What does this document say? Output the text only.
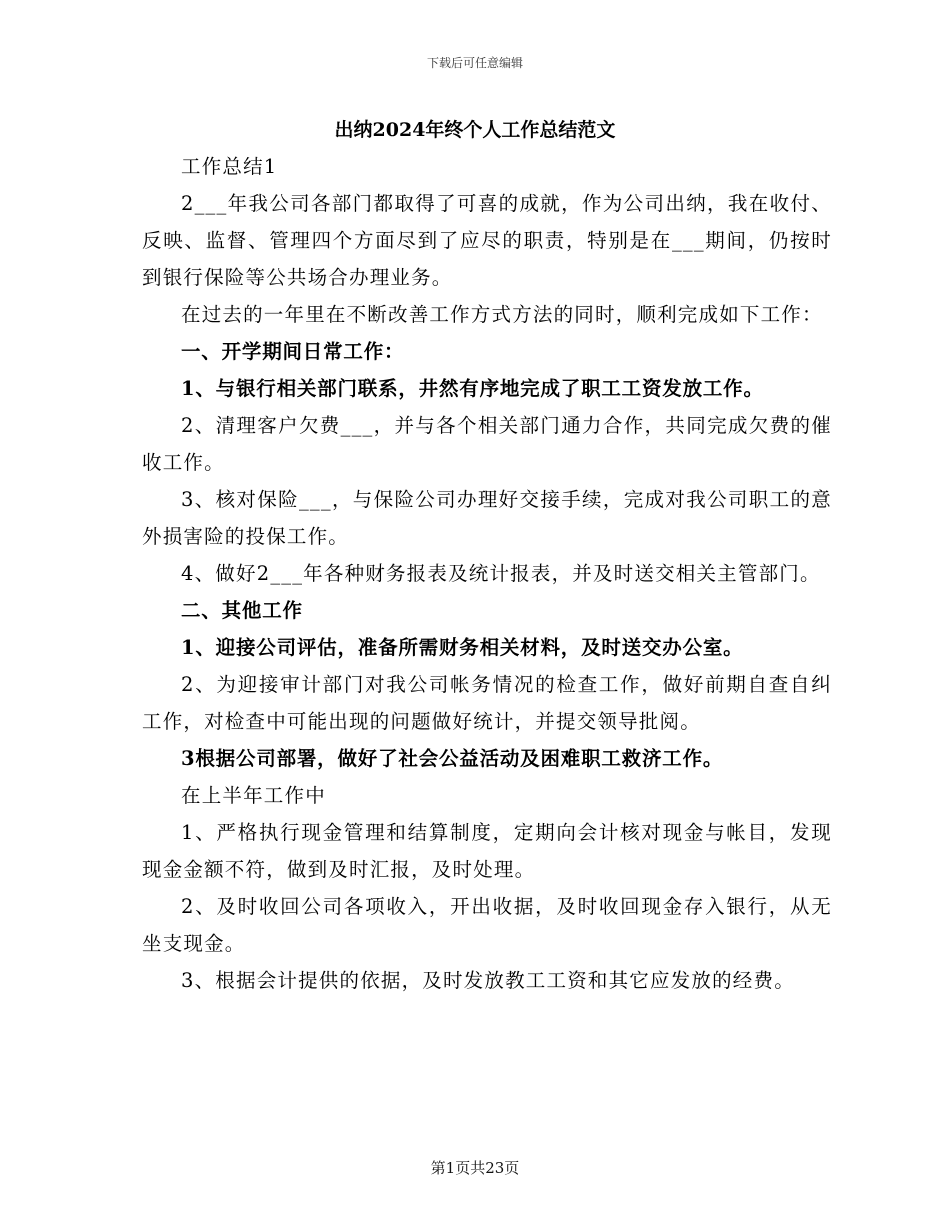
下载后可任意编辑
出纳2024年终个人工作总结范文

工作总结1

2___年我公司各部门都取得了可喜的成就，作为公司出纳，我在收付、反映、监督、管理四个方面尽到了应尽的职责，特别是在___期间，仍按时到银行保险等公共场合办理业务。

在过去的一年里在不断改善工作方式方法的同时，顺利完成如下工作：

一、开学期间日常工作：

1、与银行相关部门联系，井然有序地完成了职工工资发放工作。

2、清理客户欠费___，并与各个相关部门通力合作，共同完成欠费的催收工作。

3、核对保险___，与保险公司办理好交接手续，完成对我公司职工的意外损害险的投保工作。

4、做好2___年各种财务报表及统计报表，并及时送交相关主管部门。

二、其他工作

1、迎接公司评估，准备所需财务相关材料，及时送交办公室。

2、为迎接审计部门对我公司帐务情况的检查工作，做好前期自查自纠工作，对检查中可能出现的问题做好统计，并提交领导批阅。

3根据公司部署，做好了社会公益活动及困难职工救济工作。

在上半年工作中

1、严格执行现金管理和结算制度，定期向会计核对现金与帐目，发现现金金额不符，做到及时汇报，及时处理。

2、及时收回公司各项收入，开出收据，及时收回现金存入银行，从无坐支现金。

3、根据会计提供的依据，及时发放教工工资和其它应发放的经费。

第1页共23页
